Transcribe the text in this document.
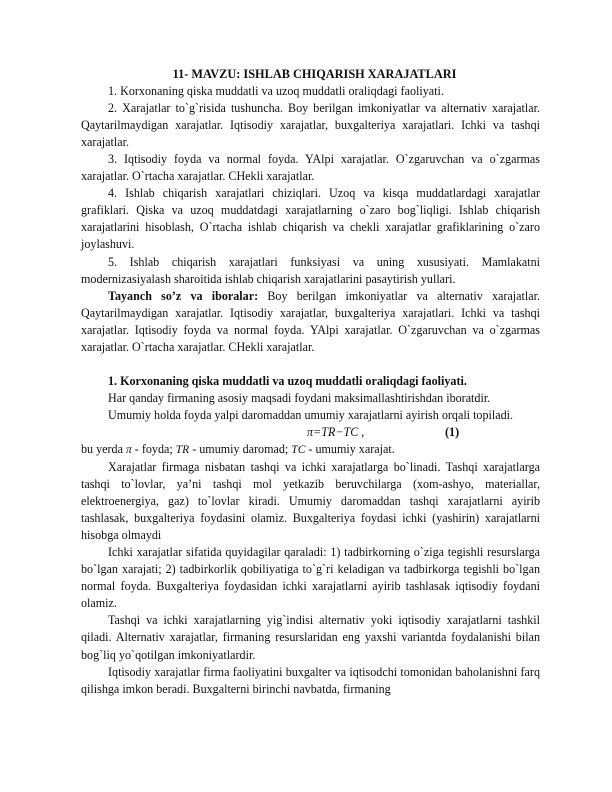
11- MAVZU: ISHLAB CHIQARISH XARAJATLARI

1. Korxonaning qiska muddatli va uzoq muddatli oraliqdagi faoliyati.

2. Xarajatlar to`g`risida tushuncha. Boy berilgan imkoniyatlar va alternativ xarajatlar. Qaytarilmaydigan xarajatlar. Iqtisodiy xarajatlar, buxgalteriya xarajatlari. Ichki va tashqi xarajatlar.

3. Iqtisodiy foyda va normal foyda. YAlpi xarajatlar. O`zgaruvchan va o`zgarmas xarajatlar. O`rtacha xarajatlar. CHekli xarajatlar.

4. Ishlab chiqarish xarajatlari chiziqlari. Uzoq va kisqa muddatlardagi xarajatlar grafiklari. Qiska va uzoq muddatdagi xarajatlarning o`zaro bog`liqligi. Ishlab chiqarish xarajatlarini hisoblash, O`rtacha ishlab chiqarish va chekli xarajatlar grafiklarining o`zaro joylashuvi.

5. Ishlab chiqarish xarajatlari funksiyasi va uning xususiyati. Mamlakatni modernizasiyalash sharoitida ishlab chiqarish xarajatlarini pasaytirish yullari.

Tayanch so’z va iboralar: Boy berilgan imkoniyatlar va alternativ xarajatlar. Qaytarilmaydigan xarajatlar. Iqtisodiy xarajatlar, buxgalteriya xarajatlari. Ichki va tashqi xarajatlar. Iqtisodiy foyda va normal foyda. YAlpi xarajatlar. O`zgaruvchan va o`zgarmas xarajatlar. O`rtacha xarajatlar. CHekli xarajatlar.

1. Korxonaning qiska muddatli va uzoq muddatli oraliqdagi faoliyati.

Har qanday firmaning asosiy maqsadi foydani maksimallashtirishdan iboratdir.

Umumiy holda foyda yalpi daromaddan umumiy xarajatlarni ayirish orqali topiladi.

π=TR−TC ,	(1)

bu yerda π - foyda; TR - umumiy daromad; TC - umumiy xarajat.

Xarajatlar firmaga nisbatan tashqi va ichki xarajatlarga bo`linadi. Tashqi xarajatlarga tashqi to`lovlar, ya’ni tashqi mol yetkazib beruvchilarga (xom-ashyo, materiallar, elektroenergiya, gaz) to`lovlar kiradi. Umumiy daromaddan tashqi xarajatlarni ayirib tashlasak, buxgalteriya foydasini olamiz. Buxgalteriya foydasi ichki (yashirin) xarajatlarni hisobga olmaydi

Ichki xarajatlar sifatida quyidagilar qaraladi: 1) tadbirkorning o`ziga tegishli resurslarga bo`lgan xarajati; 2) tadbirkorlik qobiliyatiga to`g`ri keladigan va tadbirkorga tegishli bo`lgan normal foyda. Buxgalteriya foydasidan ichki xarajatlarni ayirib tashlasak iqtisodiy foydani olamiz.

Tashqi va ichki xarajatlarning yig`indisi alternativ yoki iqtisodiy xarajatlarni tashkil qiladi. Alternativ xarajatlar, firmaning resurslaridan eng yaxshi variantda foydalanishi bilan bog`liq yo`qotilgan imkoniyatlardir.

Iqtisodiy xarajatlar firma faoliyatini buxgalter va iqtisodchi tomonidan baholanishni farq qilishga imkon beradi. Buxgalterni birinchi navbatda, firmaning
